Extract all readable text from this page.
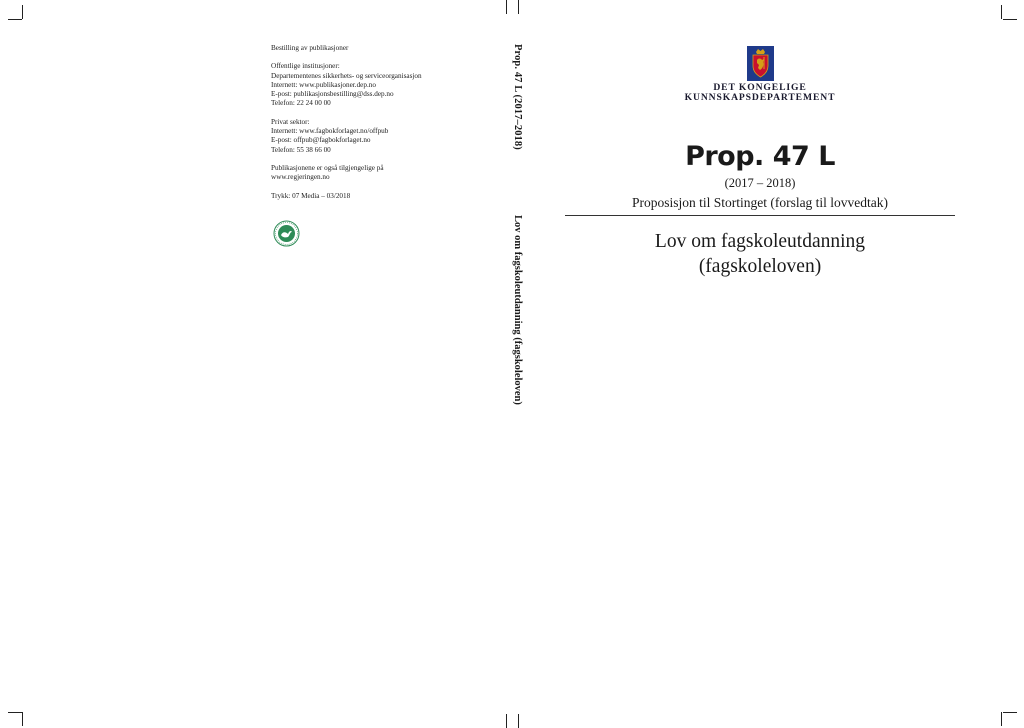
Bestilling av publikasjoner

Offentlige institusjoner:

Departementenes sikkerhets- og serviceorganisasjon

Internett: www.publikasjoner.dep.no

E-post: publikasjonsbestilling@dss.dep.no

Telefon: 22 24 00 00

Privat sektor:

Internett: www.fagbokforlaget.no/offpub

E-post: offpub@fagbokforlaget.no

Telefon: 55 38 66 00

Publikasjonene er også tilgjengelige på

www.regjeringen.no

Trykk: 07 Media – 03/2018

Prop. 47 L (2017–2018)
Lov om fagskoleutdanning (fagskoleloven)
DET KONGELIGE
KUNNSKAPSDEPARTEMENT
Prop. 47 L
(2017 – 2018)
Proposisjon til Stortinget (forslag til lovvedtak)
Lov om fagskoleutdanning
(fagskoleloven)
